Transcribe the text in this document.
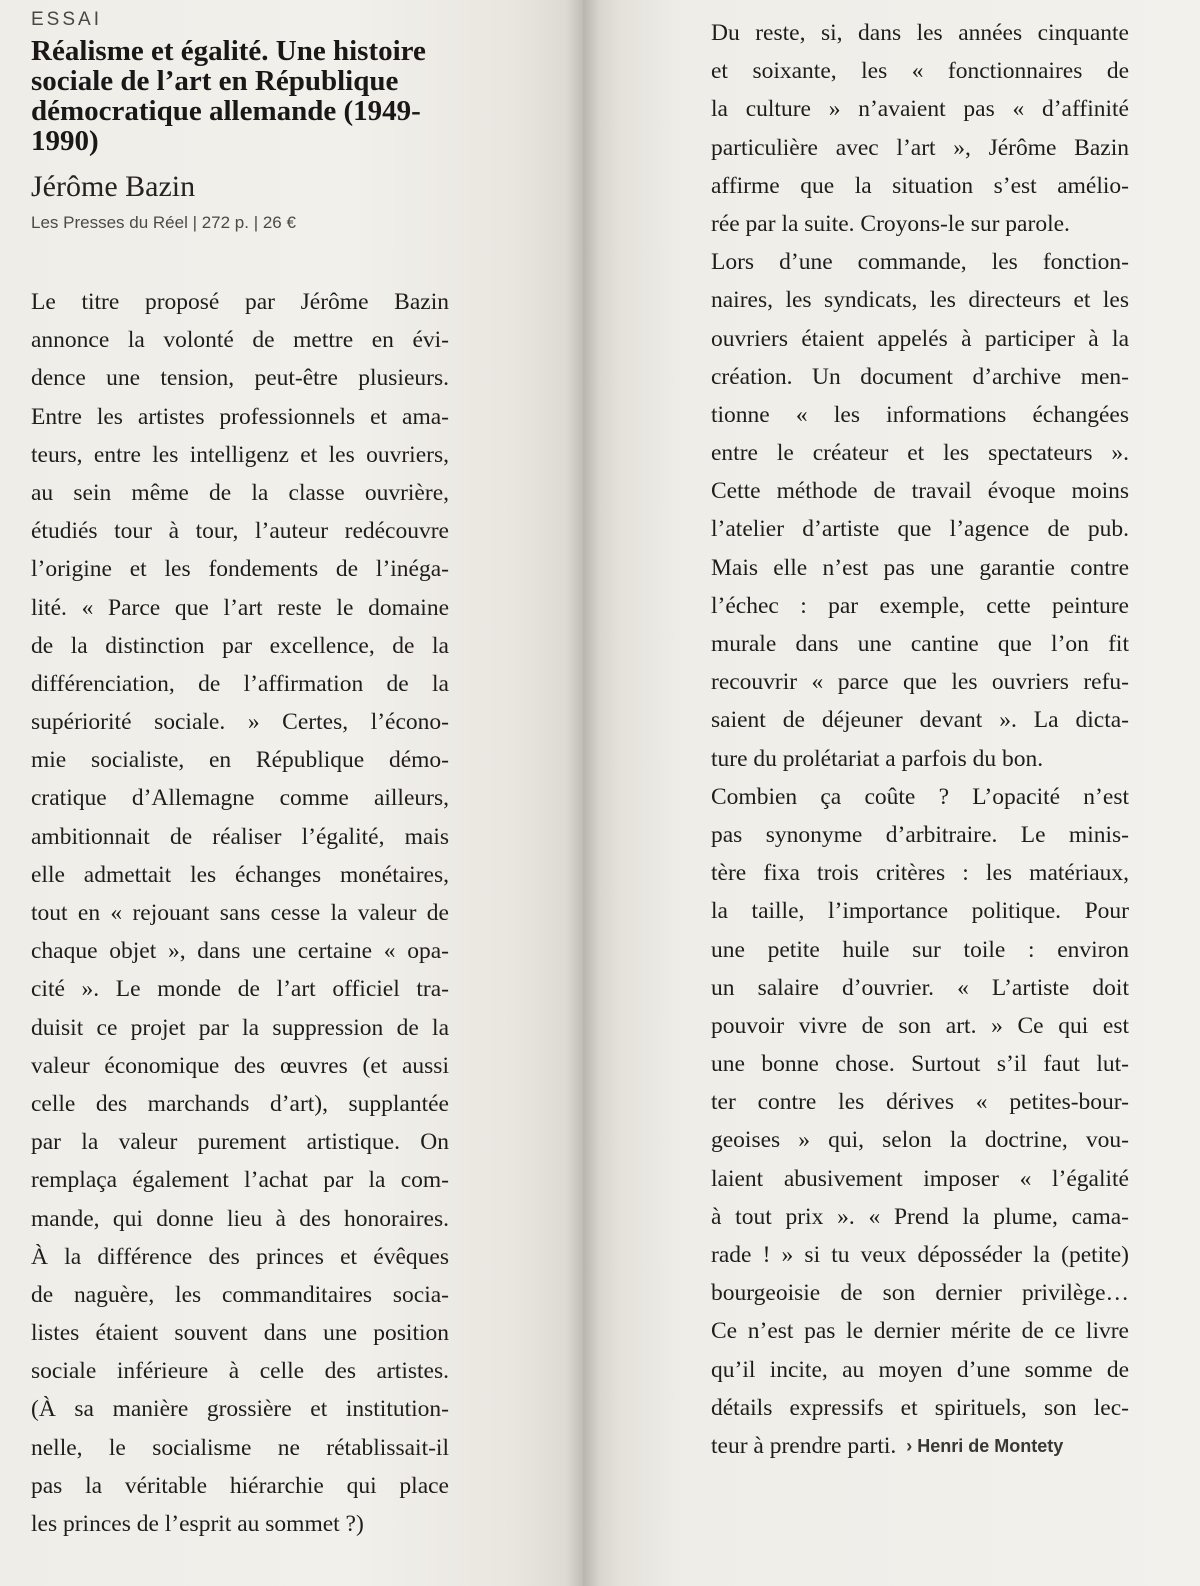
ESSAI
Réalisme et égalité. Une histoire sociale de l’art en République démocratique allemande (1949-1990)
Jérôme Bazin
Les Presses du Réel | 272 p. | 26 €
Le titre proposé par Jérôme Bazin
annonce la volonté de mettre en évi-
dence une tension, peut-être plusieurs.
Entre les artistes professionnels et ama-
teurs, entre les intelligenz et les ouvriers,
au sein même de la classe ouvrière,
étudiés tour à tour, l’auteur redécouvre
l’origine et les fondements de l’inéga-
lité. « Parce que l’art reste le domaine
de la distinction par excellence, de la
différenciation, de l’affirmation de la
supériorité sociale. » Certes, l’écono-
mie socialiste, en République démo-
cratique d’Allemagne comme ailleurs,
ambitionnait de réaliser l’égalité, mais
elle admettait les échanges monétaires,
tout en « rejouant sans cesse la valeur de
chaque objet », dans une certaine « opa-
cité ». Le monde de l’art officiel tra-
duisit ce projet par la suppression de la
valeur économique des œuvres (et aussi
celle des marchands d’art), supplantée
par la valeur purement artistique. On
remplaça également l’achat par la com-
mande, qui donne lieu à des honoraires.
À la différence des princes et évêques
de naguère, les commanditaires socia-
listes étaient souvent dans une position
sociale inférieure à celle des artistes.
(À sa manière grossière et institution-
nelle, le socialisme ne rétablissait-il
pas la véritable hiérarchie qui place
les princes de l’esprit au sommet ?)
Du reste, si, dans les années cinquante
et soixante, les « fonctionnaires de
la culture » n’avaient pas « d’affinité
particulière avec l’art », Jérôme Bazin
affirme que la situation s’est amélio-
rée par la suite. Croyons-le sur parole.
Lors d’une commande, les fonction-
naires, les syndicats, les directeurs et les
ouvriers étaient appelés à participer à la
création. Un document d’archive men-
tionne « les informations échangées
entre le créateur et les spectateurs ».
Cette méthode de travail évoque moins
l’atelier d’artiste que l’agence de pub.
Mais elle n’est pas une garantie contre
l’échec : par exemple, cette peinture
murale dans une cantine que l’on fit
recouvrir « parce que les ouvriers refu-
saient de déjeuner devant ». La dicta-
ture du prolétariat a parfois du bon.
Combien ça coûte ? L’opacité n’est
pas synonyme d’arbitraire. Le minis-
tère fixa trois critères : les matériaux,
la taille, l’importance politique. Pour
une petite huile sur toile : environ
un salaire d’ouvrier. « L’artiste doit
pouvoir vivre de son art. » Ce qui est
une bonne chose. Surtout s’il faut lut-
ter contre les dérives « petites-bour-
geoises » qui, selon la doctrine, vou-
laient abusivement imposer « l’égalité
à tout prix ». « Prend la plume, cama-
rade ! » si tu veux déposséder la (petite)
bourgeoisie de son dernier privilège…
Ce n’est pas le dernier mérite de ce livre
qu’il incite, au moyen d’une somme de
détails expressifs et spirituels, son lec-
teur à prendre parti. › Henri de Montety
